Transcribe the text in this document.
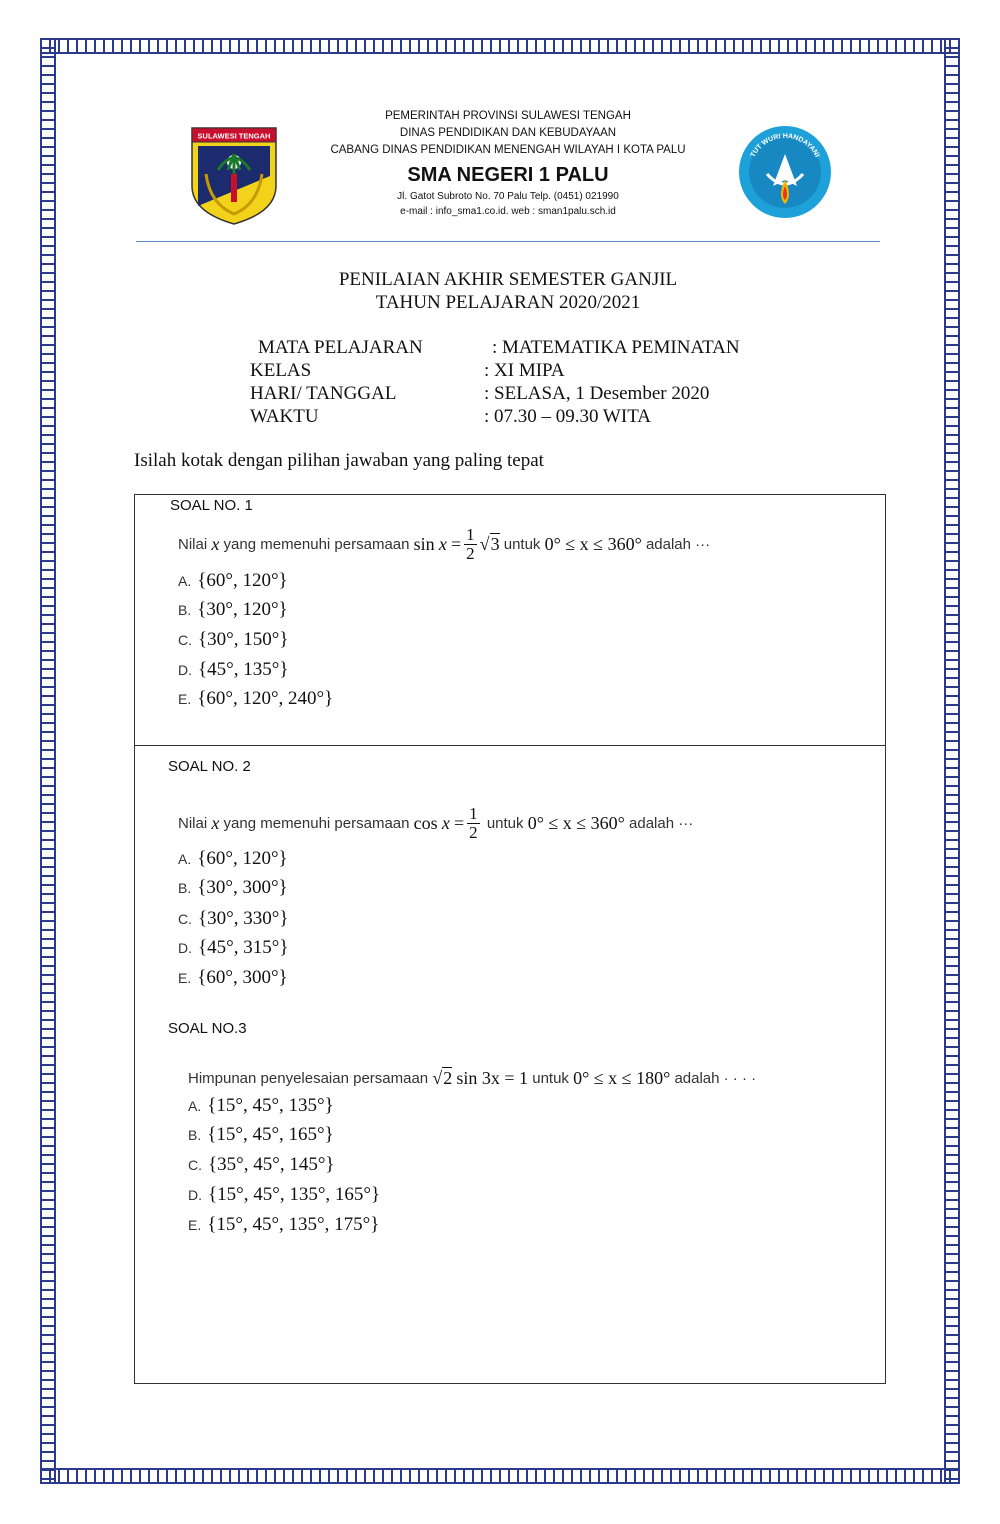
SULAWESI TENGAH
TUT WURI HANDAYANI
PEMERINTAH PROVINSI SULAWESI TENGAH
DINAS PENDIDIKAN DAN KEBUDAYAAN
CABANG DINAS PENDIDIKAN MENENGAH WILAYAH I KOTA PALU
SMA NEGERI 1 PALU
Jl. Gatot Subroto No. 70 Palu Telp. (0451) 021990
e-mail : info_sma1.co.id. web : sman1palu.sch.id
PENILAIAN AKHIR SEMESTER GANJIL
TAHUN PELAJARAN 2020/2021
MATA PELAJARAN	: MATEMATIKA PEMINATAN
KELAS	: XI MIPA
HARI/ TANGGAL	: SELASA, 1 Desember 2020
WAKTU	: 07.30 – 09.30 WITA
Isilah kotak dengan pilihan jawaban yang paling tepat
SOAL NO. 1
Nilai
x
yang memenuhi persamaan
sin
x
= $\frac{1}{2} √3$
untuk
0° ≤ x ≤ 360°
adalah ···
A. {60°, 120°}
B. {30°, 120°}
C. {30°, 150°}
D. {45°, 135°}
E. {60°, 120°, 240°}
SOAL NO. 2
Nilai
x
yang memenuhi persamaan
cos
x
= $\frac{1}{2}$
untuk
0° ≤ x ≤ 360°
adalah ···
A. {60°, 120°}
B. {30°, 300°}
C. {30°, 330°}
D. {45°, 315°}
E. {60°, 300°}
SOAL NO.3
Himpunan penyelesaian persamaan
√2
sin 3x = 1
untuk
0° ≤ x ≤ 180°
adalah · · · ·
A. {15°, 45°, 135°}
B. {15°, 45°, 165°}
C. {35°, 45°, 145°}
D. {15°, 45°, 135°, 165°}
E. {15°, 45°, 135°, 175°}
